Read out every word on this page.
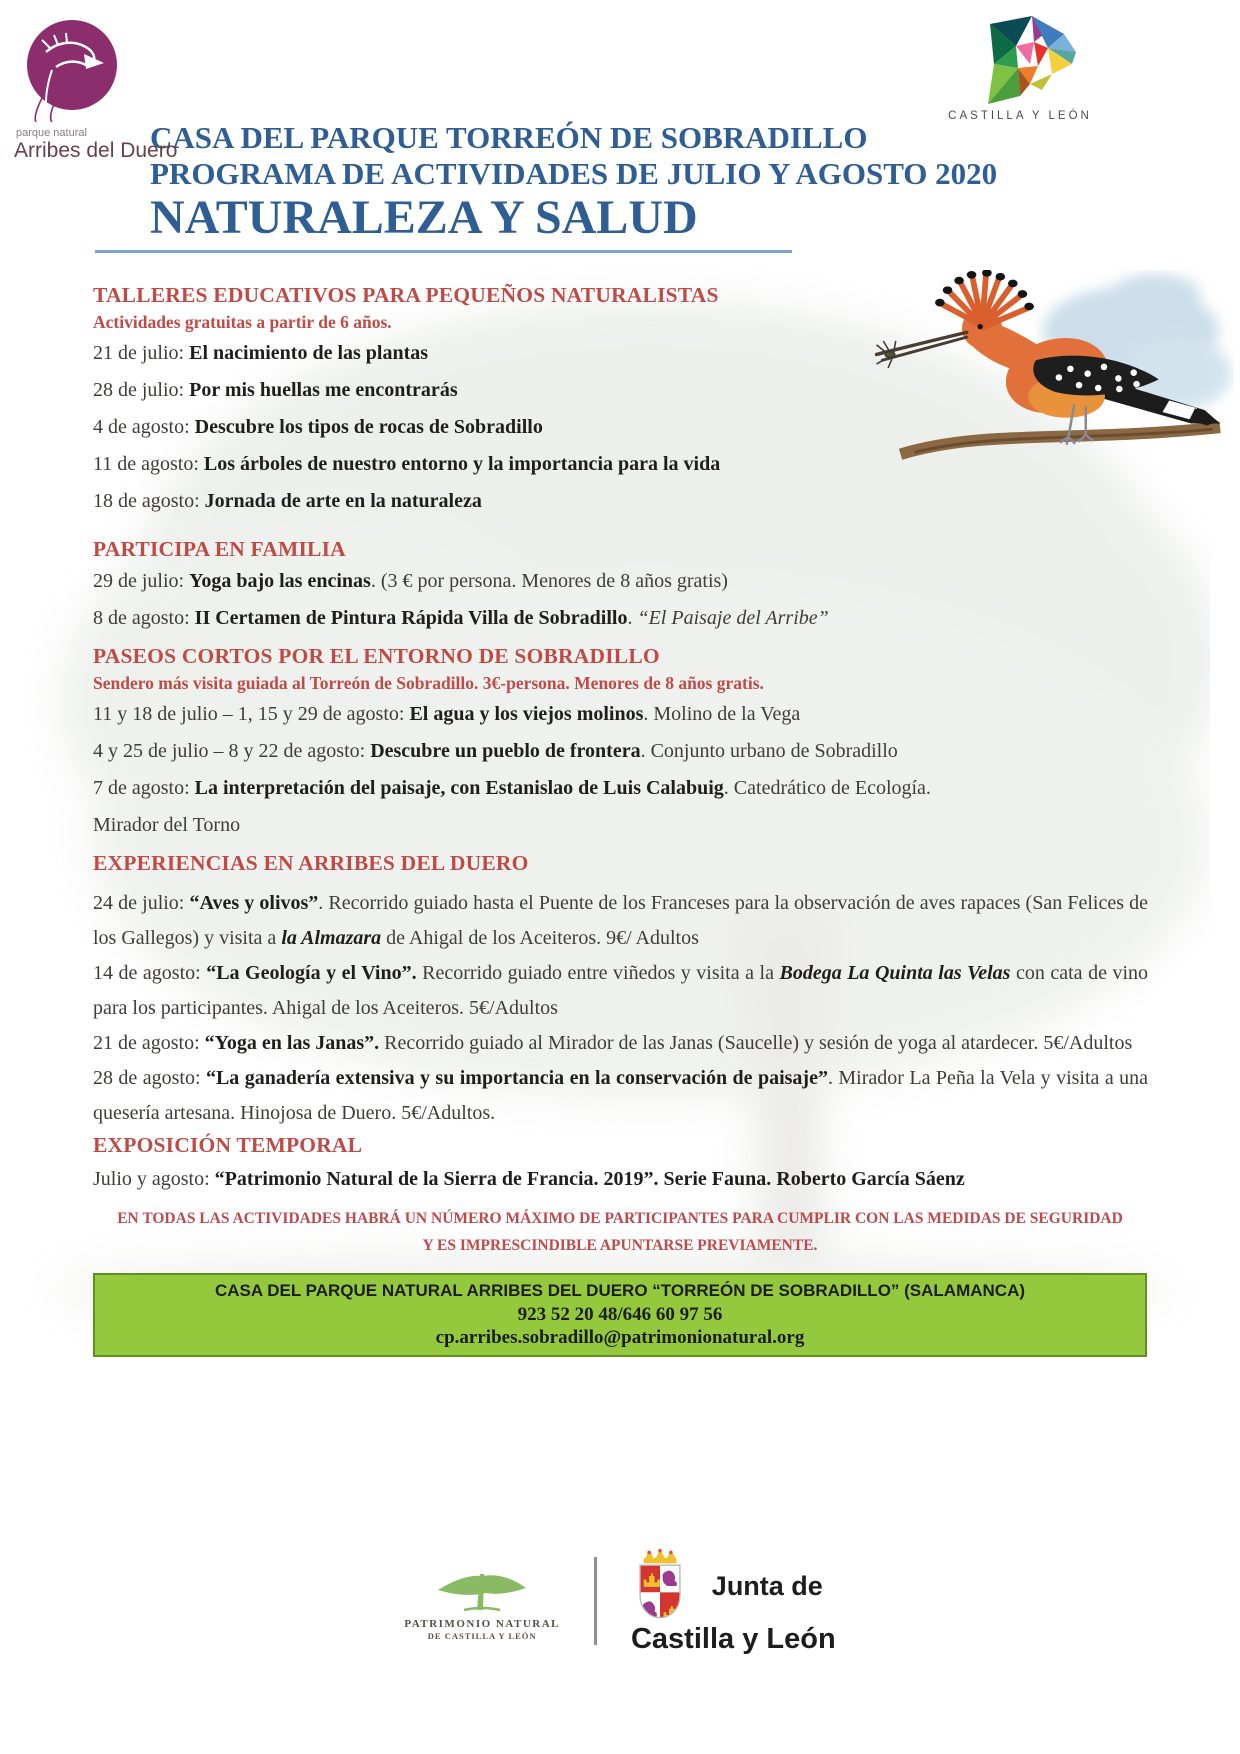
parque natural
Arribes del Duero
CASTILLA Y LEÓN
CASA DEL PARQUE TORREÓN DE SOBRADILLO
PROGRAMA DE ACTIVIDADES DE JULIO Y AGOSTO 2020
NATURALEZA Y SALUD
TALLERES EDUCATIVOS PARA PEQUEÑOS NATURALISTAS
Actividades gratuitas a partir de 6 años.

21 de julio: El nacimiento de las plantas

28 de julio: Por mis huellas me encontrarás

4 de agosto: Descubre los tipos de rocas de Sobradillo

11 de agosto: Los árboles de nuestro entorno y la importancia para la vida

18 de agosto: Jornada de arte en la naturaleza

PARTICIPA EN FAMILIA

29 de julio: Yoga bajo las encinas. (3 € por persona. Menores de 8 años gratis)

8 de agosto: II Certamen de Pintura Rápida Villa de Sobradillo. “El Paisaje del Arribe”

PASEOS CORTOS POR EL ENTORNO DE SOBRADILLO
Sendero más visita guiada al Torreón de Sobradillo. 3€-persona. Menores de 8 años gratis.

11 y 18 de julio – 1, 15 y 29 de agosto: El agua y los viejos molinos. Molino de la Vega

4 y 25 de julio – 8 y 22 de agosto: Descubre un pueblo de frontera. Conjunto urbano de Sobradillo

7 de agosto: La interpretación del paisaje, con Estanislao de Luis Calabuig. Catedrático de Ecología.

Mirador del Torno

EXPERIENCIAS EN ARRIBES DEL DUERO

24 de julio: “Aves y olivos”. Recorrido guiado hasta el Puente de los Franceses para la observación de aves rapaces (San Felices de los Gallegos) y visita a la Almazara de Ahigal de los Aceiteros. 9€/ Adultos

14 de agosto: “La Geología y el Vino”. Recorrido guiado entre viñedos y visita a la Bodega La Quinta las Velas con cata de vino para los participantes. Ahigal de los Aceiteros. 5€/Adultos

21 de agosto: “Yoga en las Janas”. Recorrido guiado al Mirador de las Janas (Saucelle) y sesión de yoga al atardecer. 5€/Adultos

28 de agosto: “La ganadería extensiva y su importancia en la conservación de paisaje”. Mirador La Peña la Vela y visita a una quesería artesana. Hinojosa de Duero. 5€/Adultos.

EXPOSICIÓN TEMPORAL

Julio y agosto: “Patrimonio Natural de la Sierra de Francia. 2019”. Serie Fauna. Roberto García Sáenz

EN TODAS LAS ACTIVIDADES HABRÁ UN NÚMERO MÁXIMO DE PARTICIPANTES PARA CUMPLIR CON LAS MEDIDAS DE SEGURIDAD Y ES IMPRESCINDIBLE APUNTARSE PREVIAMENTE.
CASA DEL PARQUE NATURAL ARRIBES DEL DUERO “TORREÓN DE SOBRADILLO” (SALAMANCA)
923 52 20 48/646 60 97 56
cp.arribes.sobradillo@patrimonionatural.org
PATRIMONIO NATURAL
DE CASTILLA Y LEÓN
Junta de
Castilla y León
